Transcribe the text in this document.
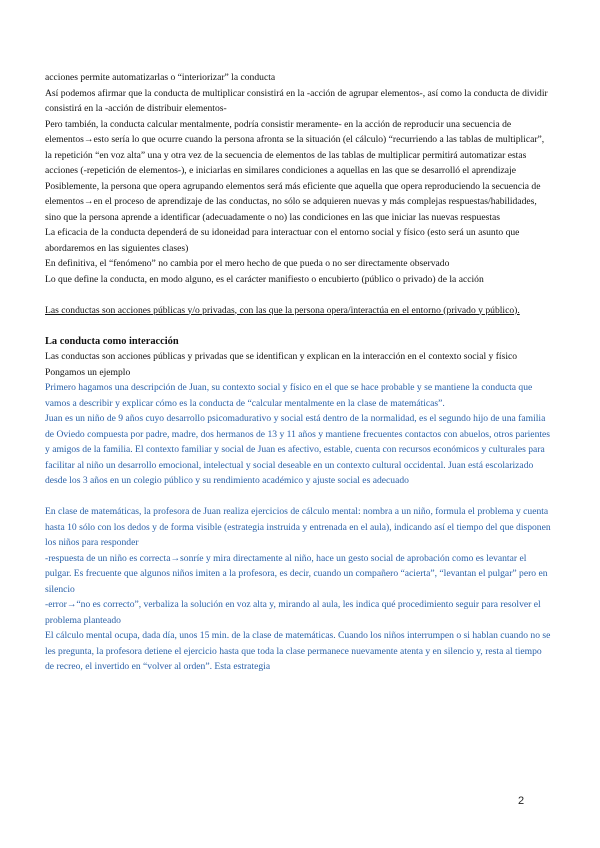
acciones permite automatizarlas o “interiorizar” la conducta

Así podemos afirmar que la conducta de multiplicar consistirá en la -acción de agrupar elementos-, así como la conducta de dividir consistirá en la -acción de distribuir elementos-

Pero también, la conducta calcular mentalmente, podría consistir meramente- en la acción de reproducir una secuencia de elementos→esto sería lo que ocurre cuando la persona afronta se la situación (el cálculo) “recurriendo a las tablas de multiplicar”, la repetición “en voz alta” una y otra vez de la secuencia de elementos de las tablas de multiplicar permitirá automatizar estas acciones (-repetición de elementos-), e iniciarlas en similares condiciones a aquellas en las que se desarrolló el aprendizaje

Posiblemente, la persona que opera agrupando elementos será más eficiente que aquella que opera reproduciendo la secuencia de elementos→en el proceso de aprendizaje de las conductas, no sólo se adquieren nuevas y más complejas respuestas/habilidades, sino que la persona aprende a identificar (adecuadamente o no) las condiciones en las que iniciar las nuevas respuestas

La eficacia de la conducta dependerá de su idoneidad para interactuar con el entorno social y físico (esto será un asunto que abordaremos en las siguientes clases)

En definitiva, el “fenómeno” no cambia por el mero hecho de que pueda o no ser directamente observado

Lo que define la conducta, en modo alguno, es el carácter manifiesto o encubierto (público o privado) de la acción

Las conductas son acciones públicas y/o privadas, con las que la persona opera/interactúa en el entorno (privado y público).

La conducta como interacción

Las conductas son acciones públicas y privadas que se identifican y explican en la interacción en el contexto social y físico

Pongamos un ejemplo

Primero hagamos una descripción de Juan, su contexto social y físico en el que se hace probable y se mantiene la conducta que vamos a describir y explicar cómo es la conducta de “calcular mentalmente en la clase de matemáticas”.

Juan es un niño de 9 años cuyo desarrollo psicomadurativo y social está dentro de la normalidad, es el segundo hijo de una familia de Oviedo compuesta por padre, madre, dos hermanos de 13 y 11 años y mantiene frecuentes contactos con abuelos, otros parientes y amigos de la familia. El contexto familiar y social de Juan es afectivo, estable, cuenta con recursos económicos y culturales para facilitar al niño un desarrollo emocional, intelectual y social deseable en un contexto cultural occidental. Juan está escolarizado desde los 3 años en un colegio público y su rendimiento académico y ajuste social es adecuado

En clase de matemáticas, la profesora de Juan realiza ejercicios de cálculo mental: nombra a un niño, formula el problema y cuenta hasta 10 sólo con los dedos y de forma visible (estrategia instruida y entrenada en el aula), indicando así el tiempo del que disponen los niños para responder

-respuesta de un niño es correcta→sonríe y mira directamente al niño, hace un gesto social de aprobación como es levantar el pulgar. Es frecuente que algunos niños imiten a la profesora, es decir, cuando un compañero “acierta”, “levantan el pulgar” pero en silencio

-error→“no es correcto”, verbaliza la solución en voz alta y, mirando al aula, les indica qué procedimiento seguir para resolver el problema planteado

El cálculo mental ocupa, dada día, unos 15 min. de la clase de matemáticas. Cuando los niños interrumpen o si hablan cuando no se les pregunta, la profesora detiene el ejercicio hasta que toda la clase permanece nuevamente atenta y en silencio y, resta al tiempo de recreo, el invertido en “volver al orden”. Esta estrategia

2
